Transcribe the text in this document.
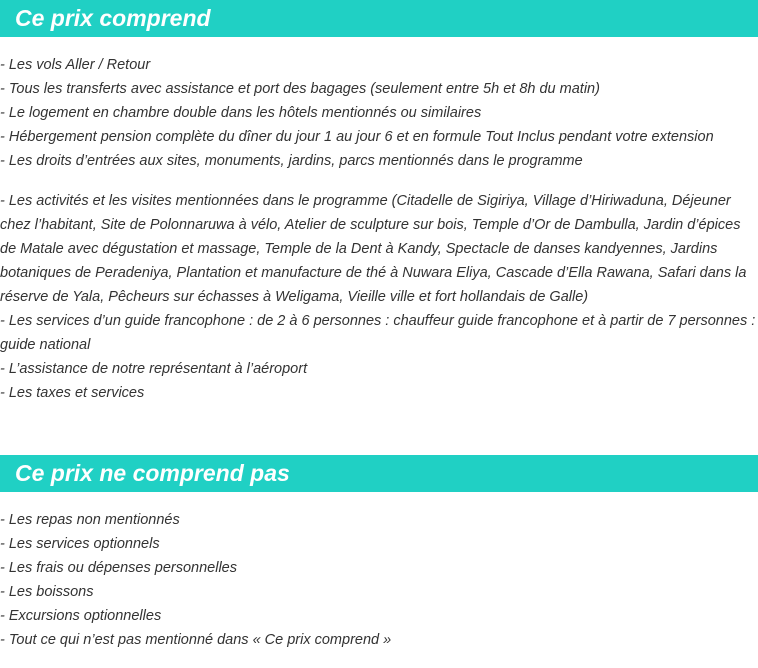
Ce prix comprend

- Les vols Aller / Retour

- Tous les transferts avec assistance et port des bagages (seulement entre 5h et 8h du matin)

- Le logement en chambre double dans les hôtels mentionnés ou similaires

- Hébergement pension complète du dîner du jour 1 au jour 6 et en formule Tout Inclus pendant votre extension

- Les droits d’entrées aux sites, monuments, jardins, parcs mentionnés dans le programme

- Les activités et les visites mentionnées dans le programme (Citadelle de Sigiriya, Village d’Hiriwaduna, Déjeuner chez l’habitant, Site de Polonnaruwa à vélo, Atelier de sculpture sur bois, Temple d’Or de Dambulla, Jardin d’épices de Matale avec dégustation et massage, Temple de la Dent à Kandy, Spectacle de danses kandyennes, Jardins botaniques de Peradeniya, Plantation et manufacture de thé à Nuwara Eliya, Cascade d’Ella Rawana, Safari dans la réserve de Yala, Pêcheurs sur échasses à Weligama, Vieille ville et fort hollandais de Galle)

- Les services d’un guide francophone : de 2 à 6 personnes : chauffeur guide francophone et à partir de 7 personnes : guide national

- L’assistance de notre représentant à l’aéroport

- Les taxes et services

Ce prix ne comprend pas

- Les repas non mentionnés

- Les services optionnels

- Les frais ou dépenses personnelles

- Les boissons

- Excursions optionnelles

- Tout ce qui n’est pas mentionné dans « Ce prix comprend »
